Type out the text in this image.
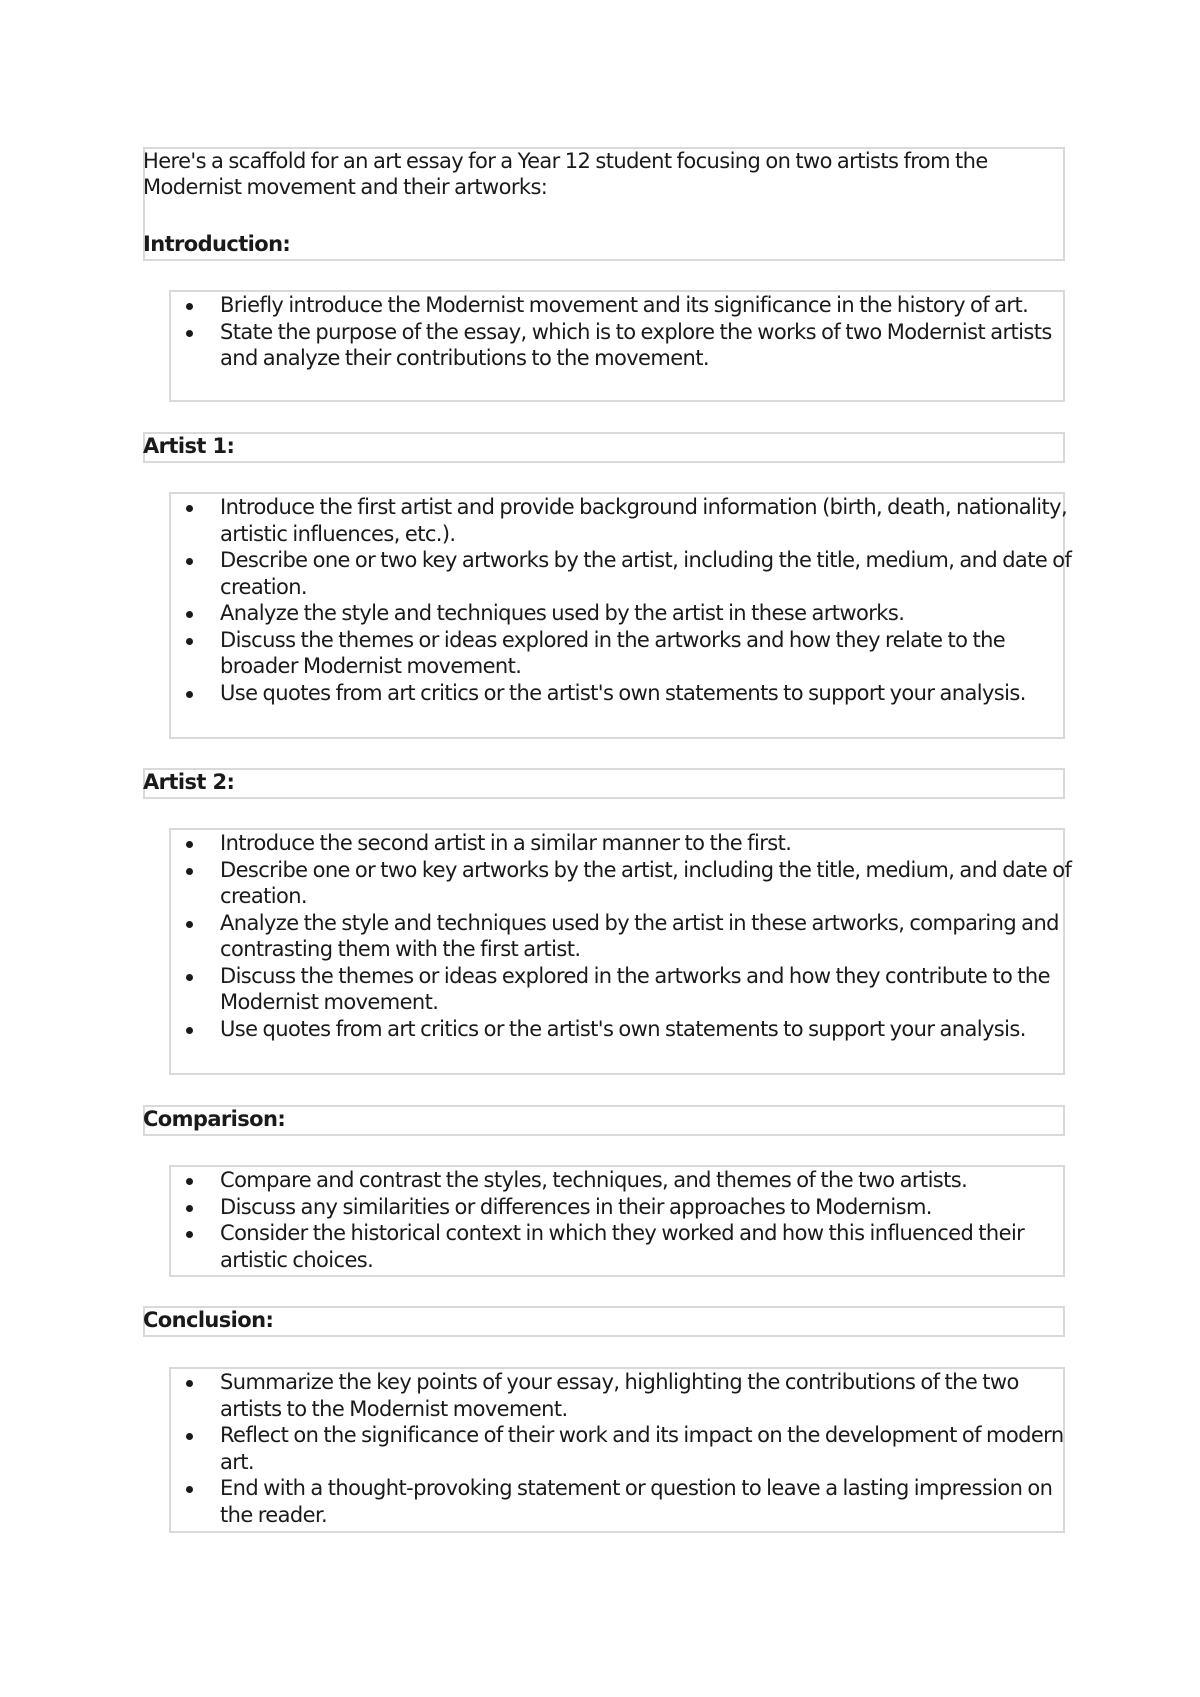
Here's a scaffold for an art essay for a Year 12 student focusing on two artists from the Modernist movement and their artworks:
Introduction:
Briefly introduce the Modernist movement and its significance in the history of art.
State the purpose of the essay, which is to explore the works of two Modernist artists and analyze their contributions to the movement.
Artist 1:
Introduce the first artist and provide background information (birth, death, nationality, artistic influences, etc.).
Describe one or two key artworks by the artist, including the title, medium, and date of creation.
Analyze the style and techniques used by the artist in these artworks.
Discuss the themes or ideas explored in the artworks and how they relate to the broader Modernist movement.
Use quotes from art critics or the artist's own statements to support your analysis.
Artist 2:
Introduce the second artist in a similar manner to the first.
Describe one or two key artworks by the artist, including the title, medium, and date of creation.
Analyze the style and techniques used by the artist in these artworks, comparing and contrasting them with the first artist.
Discuss the themes or ideas explored in the artworks and how they contribute to the Modernist movement.
Use quotes from art critics or the artist's own statements to support your analysis.
Comparison:
Compare and contrast the styles, techniques, and themes of the two artists.
Discuss any similarities or differences in their approaches to Modernism.
Consider the historical context in which they worked and how this influenced their artistic choices.
Conclusion:
Summarize the key points of your essay, highlighting the contributions of the two artists to the Modernist movement.
Reflect on the significance of their work and its impact on the development of modern art.
End with a thought-provoking statement or question to leave a lasting impression on the reader.
